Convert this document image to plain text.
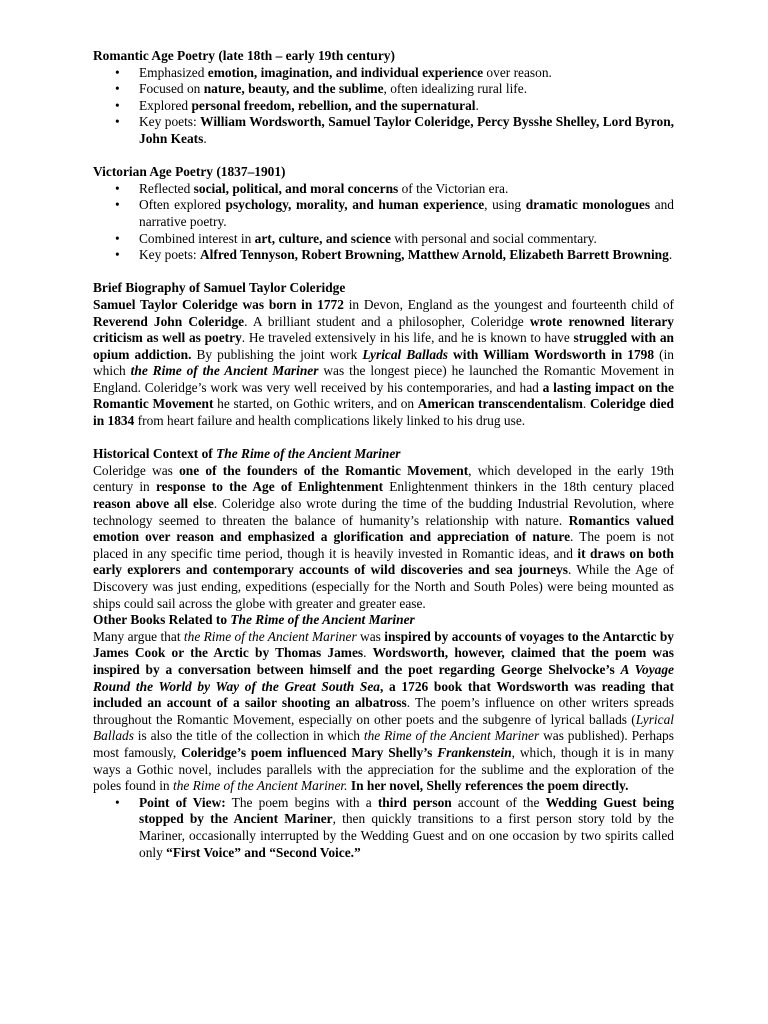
Romantic Age Poetry (late 18th – early 19th century)

• Emphasized emotion, imagination, and individual experience over reason.
• Focused on nature, beauty, and the sublime, often idealizing rural life.
• Explored personal freedom, rebellion, and the supernatural.
• Key poets: William Wordsworth, Samuel Taylor Coleridge, Percy Bysshe Shelley, Lord Byron, John Keats.

Victorian Age Poetry (1837–1901)

• Reflected social, political, and moral concerns of the Victorian era.
• Often explored psychology, morality, and human experience, using dramatic monologues and narrative poetry.
• Combined interest in art, culture, and science with personal and social commentary.
• Key poets: Alfred Tennyson, Robert Browning, Matthew Arnold, Elizabeth Barrett Browning.

Brief Biography of Samuel Taylor Coleridge

Samuel Taylor Coleridge was born in 1772 in Devon, England as the youngest and fourteenth child of Reverend John Coleridge. A brilliant student and a philosopher, Coleridge wrote renowned literary criticism as well as poetry. He traveled extensively in his life, and he is known to have struggled with an opium addiction. By publishing the joint work Lyrical Ballads with William Wordsworth in 1798 (in which the Rime of the Ancient Mariner was the longest piece) he launched the Romantic Movement in England. Coleridge’s work was very well received by his contemporaries, and had a lasting impact on the Romantic Movement he started, on Gothic writers, and on American transcendentalism. Coleridge died in 1834 from heart failure and health complications likely linked to his drug use.

Historical Context of The Rime of the Ancient Mariner

Coleridge was one of the founders of the Romantic Movement, which developed in the early 19th century in response to the Age of Enlightenment Enlightenment thinkers in the 18th century placed reason above all else. Coleridge also wrote during the time of the budding Industrial Revolution, where technology seemed to threaten the balance of humanity’s relationship with nature. Romantics valued emotion over reason and emphasized a glorification and appreciation of nature. The poem is not placed in any specific time period, though it is heavily invested in Romantic ideas, and it draws on both early explorers and contemporary accounts of wild discoveries and sea journeys. While the Age of Discovery was just ending, expeditions (especially for the North and South Poles) were being mounted as ships could sail across the globe with greater and greater ease.

Other Books Related to The Rime of the Ancient Mariner

Many argue that the Rime of the Ancient Mariner was inspired by accounts of voyages to the Antarctic by James Cook or the Arctic by Thomas James. Wordsworth, however, claimed that the poem was inspired by a conversation between himself and the poet regarding George Shelvocke’s A Voyage Round the World by Way of the Great South Sea, a 1726 book that Wordsworth was reading that included an account of a sailor shooting an albatross. The poem’s influence on other writers spreads throughout the Romantic Movement, especially on other poets and the subgenre of lyrical ballads (Lyrical Ballads is also the title of the collection in which the Rime of the Ancient Mariner was published). Perhaps most famously, Coleridge’s poem influenced Mary Shelly’s Frankenstein, which, though it is in many ways a Gothic novel, includes parallels with the appreciation for the sublime and the exploration of the poles found in the Rime of the Ancient Mariner. In her novel, Shelly references the poem directly.

• Point of View: The poem begins with a third person account of the Wedding Guest being stopped by the Ancient Mariner, then quickly transitions to a first person story told by the Mariner, occasionally interrupted by the Wedding Guest and on one occasion by two spirits called only “First Voice” and “Second Voice.”
